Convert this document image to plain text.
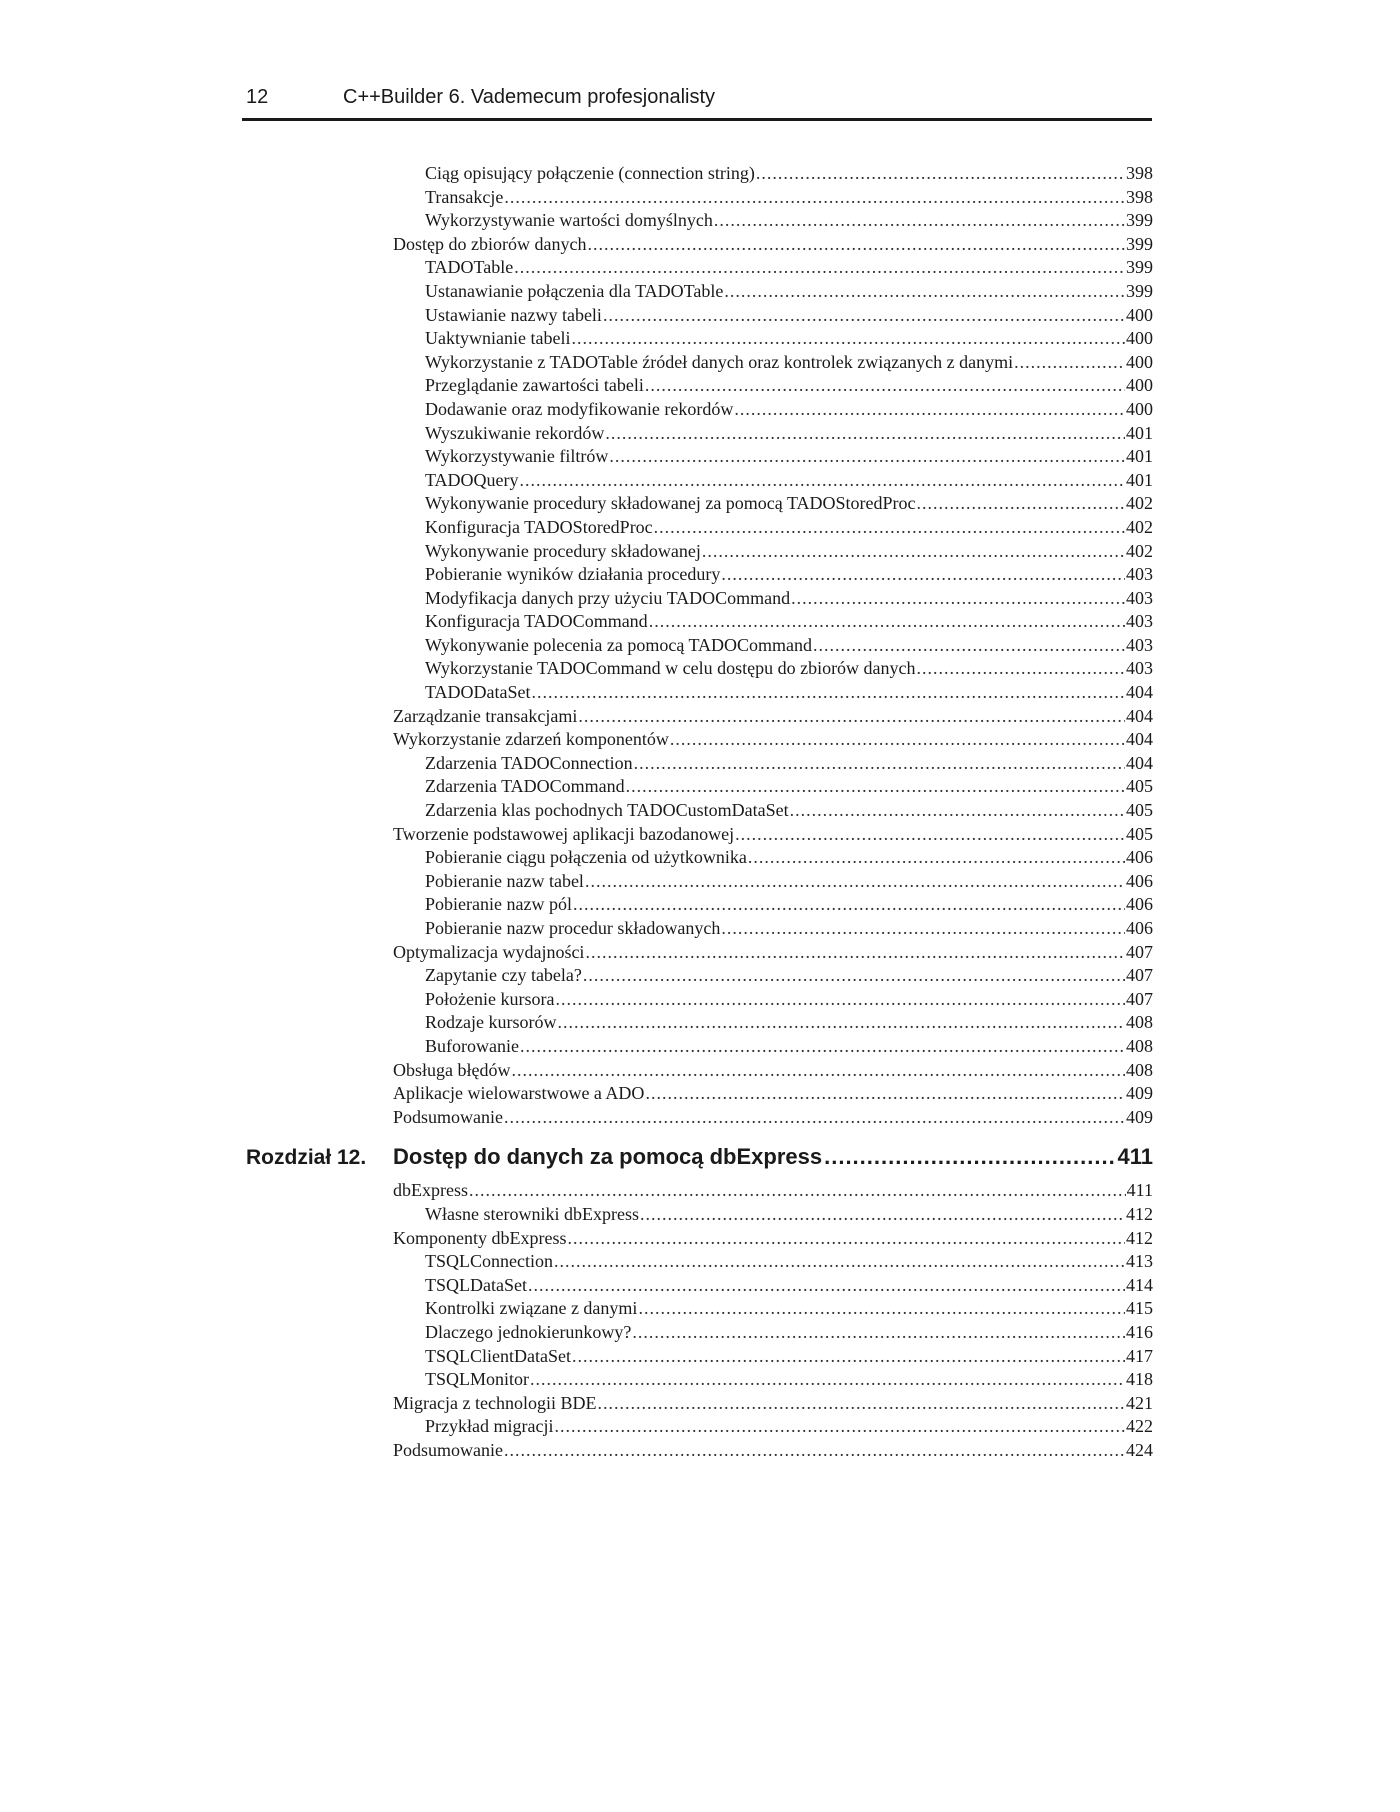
12	C++Builder 6. Vademecum profesjonalisty
Ciąg opisujący połączenie (connection string) .....	398
Transakcje .....	398
Wykorzystywanie wartości domyślnych .....	399
Dostęp do zbiorów danych .....	399
TADOTable .....	399
Ustanawianie połączenia dla TADOTable .....	399
Ustawianie nazwy tabeli .....	400
Uaktywnianie tabeli .....	400
Wykorzystanie z TADOTable źródeł danych oraz kontrolek związanych z danymi .....	400
Przeglądanie zawartości tabeli .....	400
Dodawanie oraz modyfikowanie rekordów .....	400
Wyszukiwanie rekordów .....	401
Wykorzystywanie filtrów .....	401
TADOQuery .....	401
Wykonywanie procedury składowanej za pomocą TADOStoredProc .....	402
Konfiguracja TADOStoredProc .....	402
Wykonywanie procedury składowanej .....	402
Pobieranie wyników działania procedury .....	403
Modyfikacja danych przy użyciu TADOCommand .....	403
Konfiguracja TADOCommand .....	403
Wykonywanie polecenia za pomocą TADOCommand .....	403
Wykorzystanie TADOCommand w celu dostępu do zbiorów danych .....	403
TADODataSet .....	404
Zarządzanie transakcjami .....	404
Wykorzystanie zdarzeń komponentów .....	404
Zdarzenia TADOConnection .....	404
Zdarzenia TADOCommand .....	405
Zdarzenia klas pochodnych TADOCustomDataSet .....	405
Tworzenie podstawowej aplikacji bazodanowej .....	405
Pobieranie ciągu połączenia od użytkownika .....	406
Pobieranie nazw tabel .....	406
Pobieranie nazw pól .....	406
Pobieranie nazw procedur składowanych .....	406
Optymalizacja wydajności .....	407
Zapytanie czy tabela? .....	407
Położenie kursora .....	407
Rodzaje kursorów .....	408
Buforowanie .....	408
Obsługa błędów .....	408
Aplikacje wielowarstwowe a ADO .....	409
Podsumowanie .....	409
Rozdział 12. Dostęp do danych za pomocą dbExpress .....	411
dbExpress .....	411
Własne sterowniki dbExpress .....	412
Komponenty dbExpress .....	412
TSQLConnection .....	413
TSQLDataSet .....	414
Kontrolki związane z danymi .....	415
Dlaczego jednokierunkowy? .....	416
TSQLClientDataSet .....	417
TSQLMonitor .....	418
Migracja z technologii BDE .....	421
Przykład migracji .....	422
Podsumowanie .....	424
